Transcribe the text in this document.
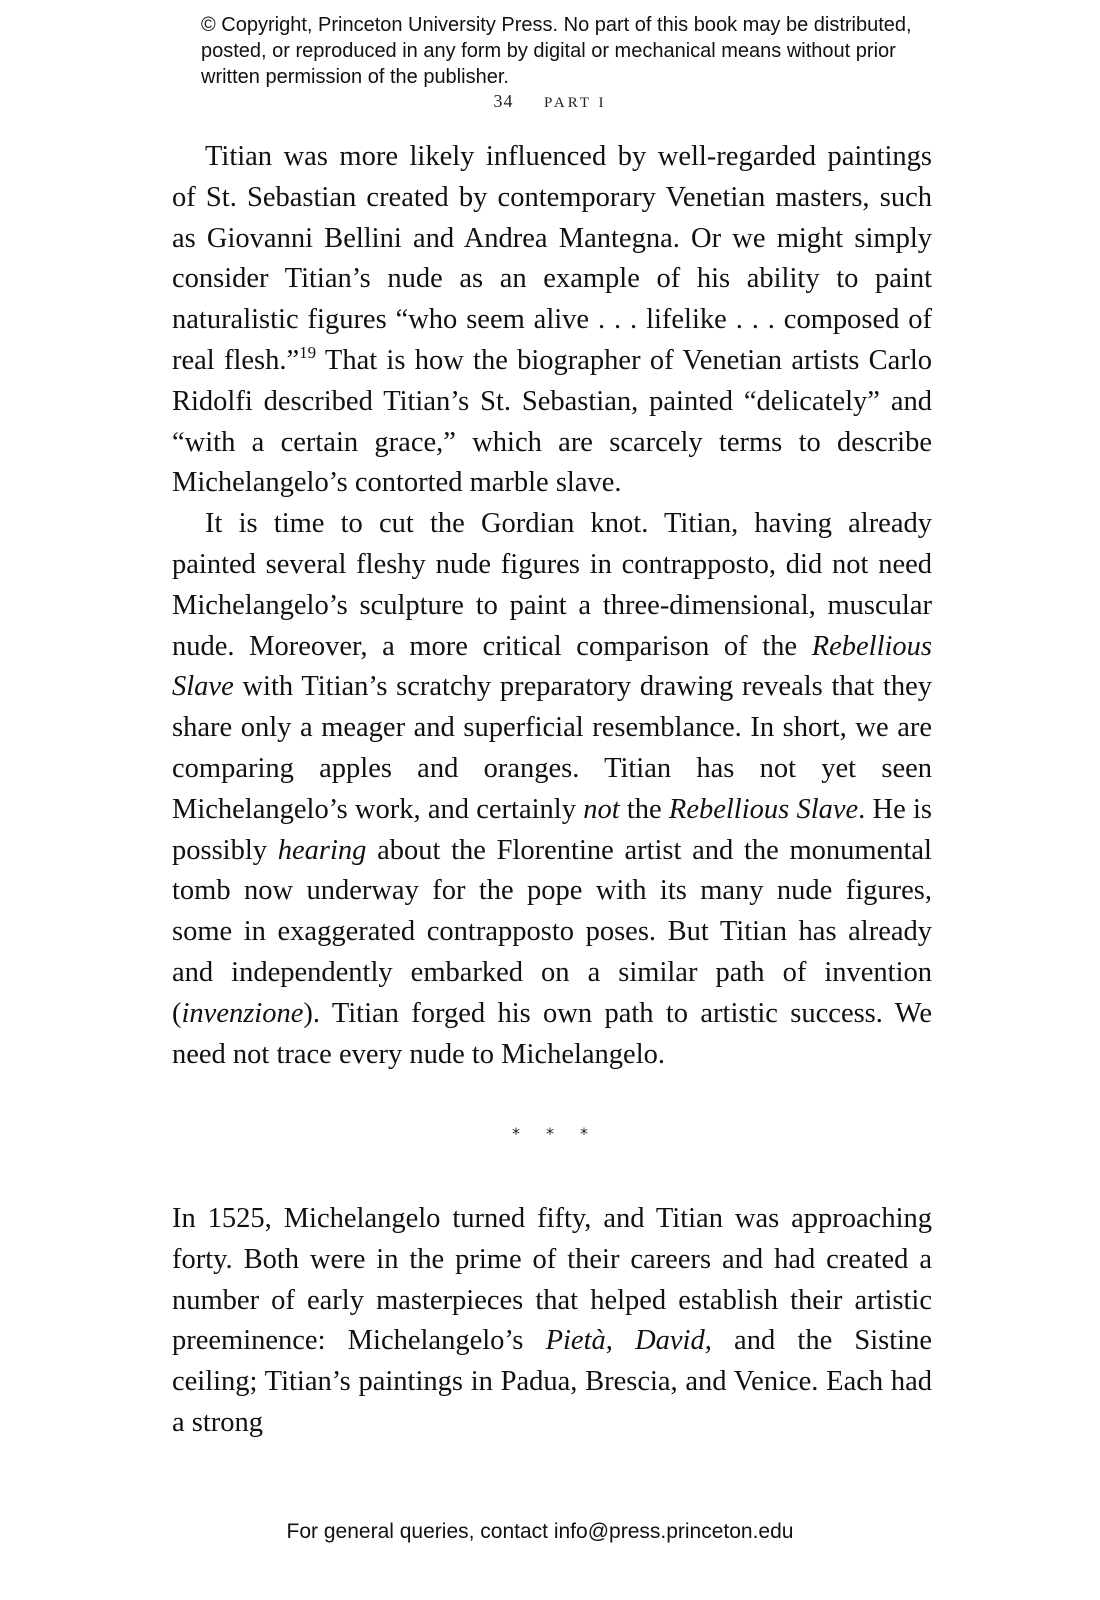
© Copyright, Princeton University Press. No part of this book may be distributed, posted, or reproduced in any form by digital or mechanical means without prior written permission of the publisher.
34 PART I

Titian was more likely influenced by well-regarded paintings of St. Sebastian created by contemporary Venetian masters, such as Giovanni Bellini and Andrea Mantegna. Or we might simply consider Titian’s nude as an example of his ability to paint naturalistic figures “who seem alive . . . lifelike . . . composed of real flesh.”$^{19}$ That is how the biographer of Venetian artists Carlo Ridolfi described Titian’s St. Sebastian, painted “delicately” and “with a certain grace,” which are scarcely terms to describe Michelangelo’s contorted marble slave.

It is time to cut the Gordian knot. Titian, having already painted several fleshy nude figures in contrapposto, did not need Michelangelo’s sculpture to paint a three-dimensional, muscular nude. Moreover, a more critical comparison of the Rebellious Slave with Titian’s scratchy preparatory drawing reveals that they share only a meager and superficial resemblance. In short, we are comparing apples and oranges. Titian has not yet seen Michelangelo’s work, and certainly not the Rebellious Slave. He is possibly hearing about the Florentine artist and the monumental tomb now underway for the pope with its many nude figures, some in exaggerated contrapposto poses. But Titian has already and independently embarked on a similar path of invention (invenzione). Titian forged his own path to artistic success. We need not trace every nude to Michelangelo.

* * *

In 1525, Michelangelo turned fifty, and Titian was approaching forty. Both were in the prime of their careers and had created a number of early masterpieces that helped establish their artistic preeminence: Michelangelo’s Pietà, David, and the Sistine ceiling; Titian’s paintings in Padua, Brescia, and Venice. Each had a strong

For general queries, contact info@press.princeton.edu
